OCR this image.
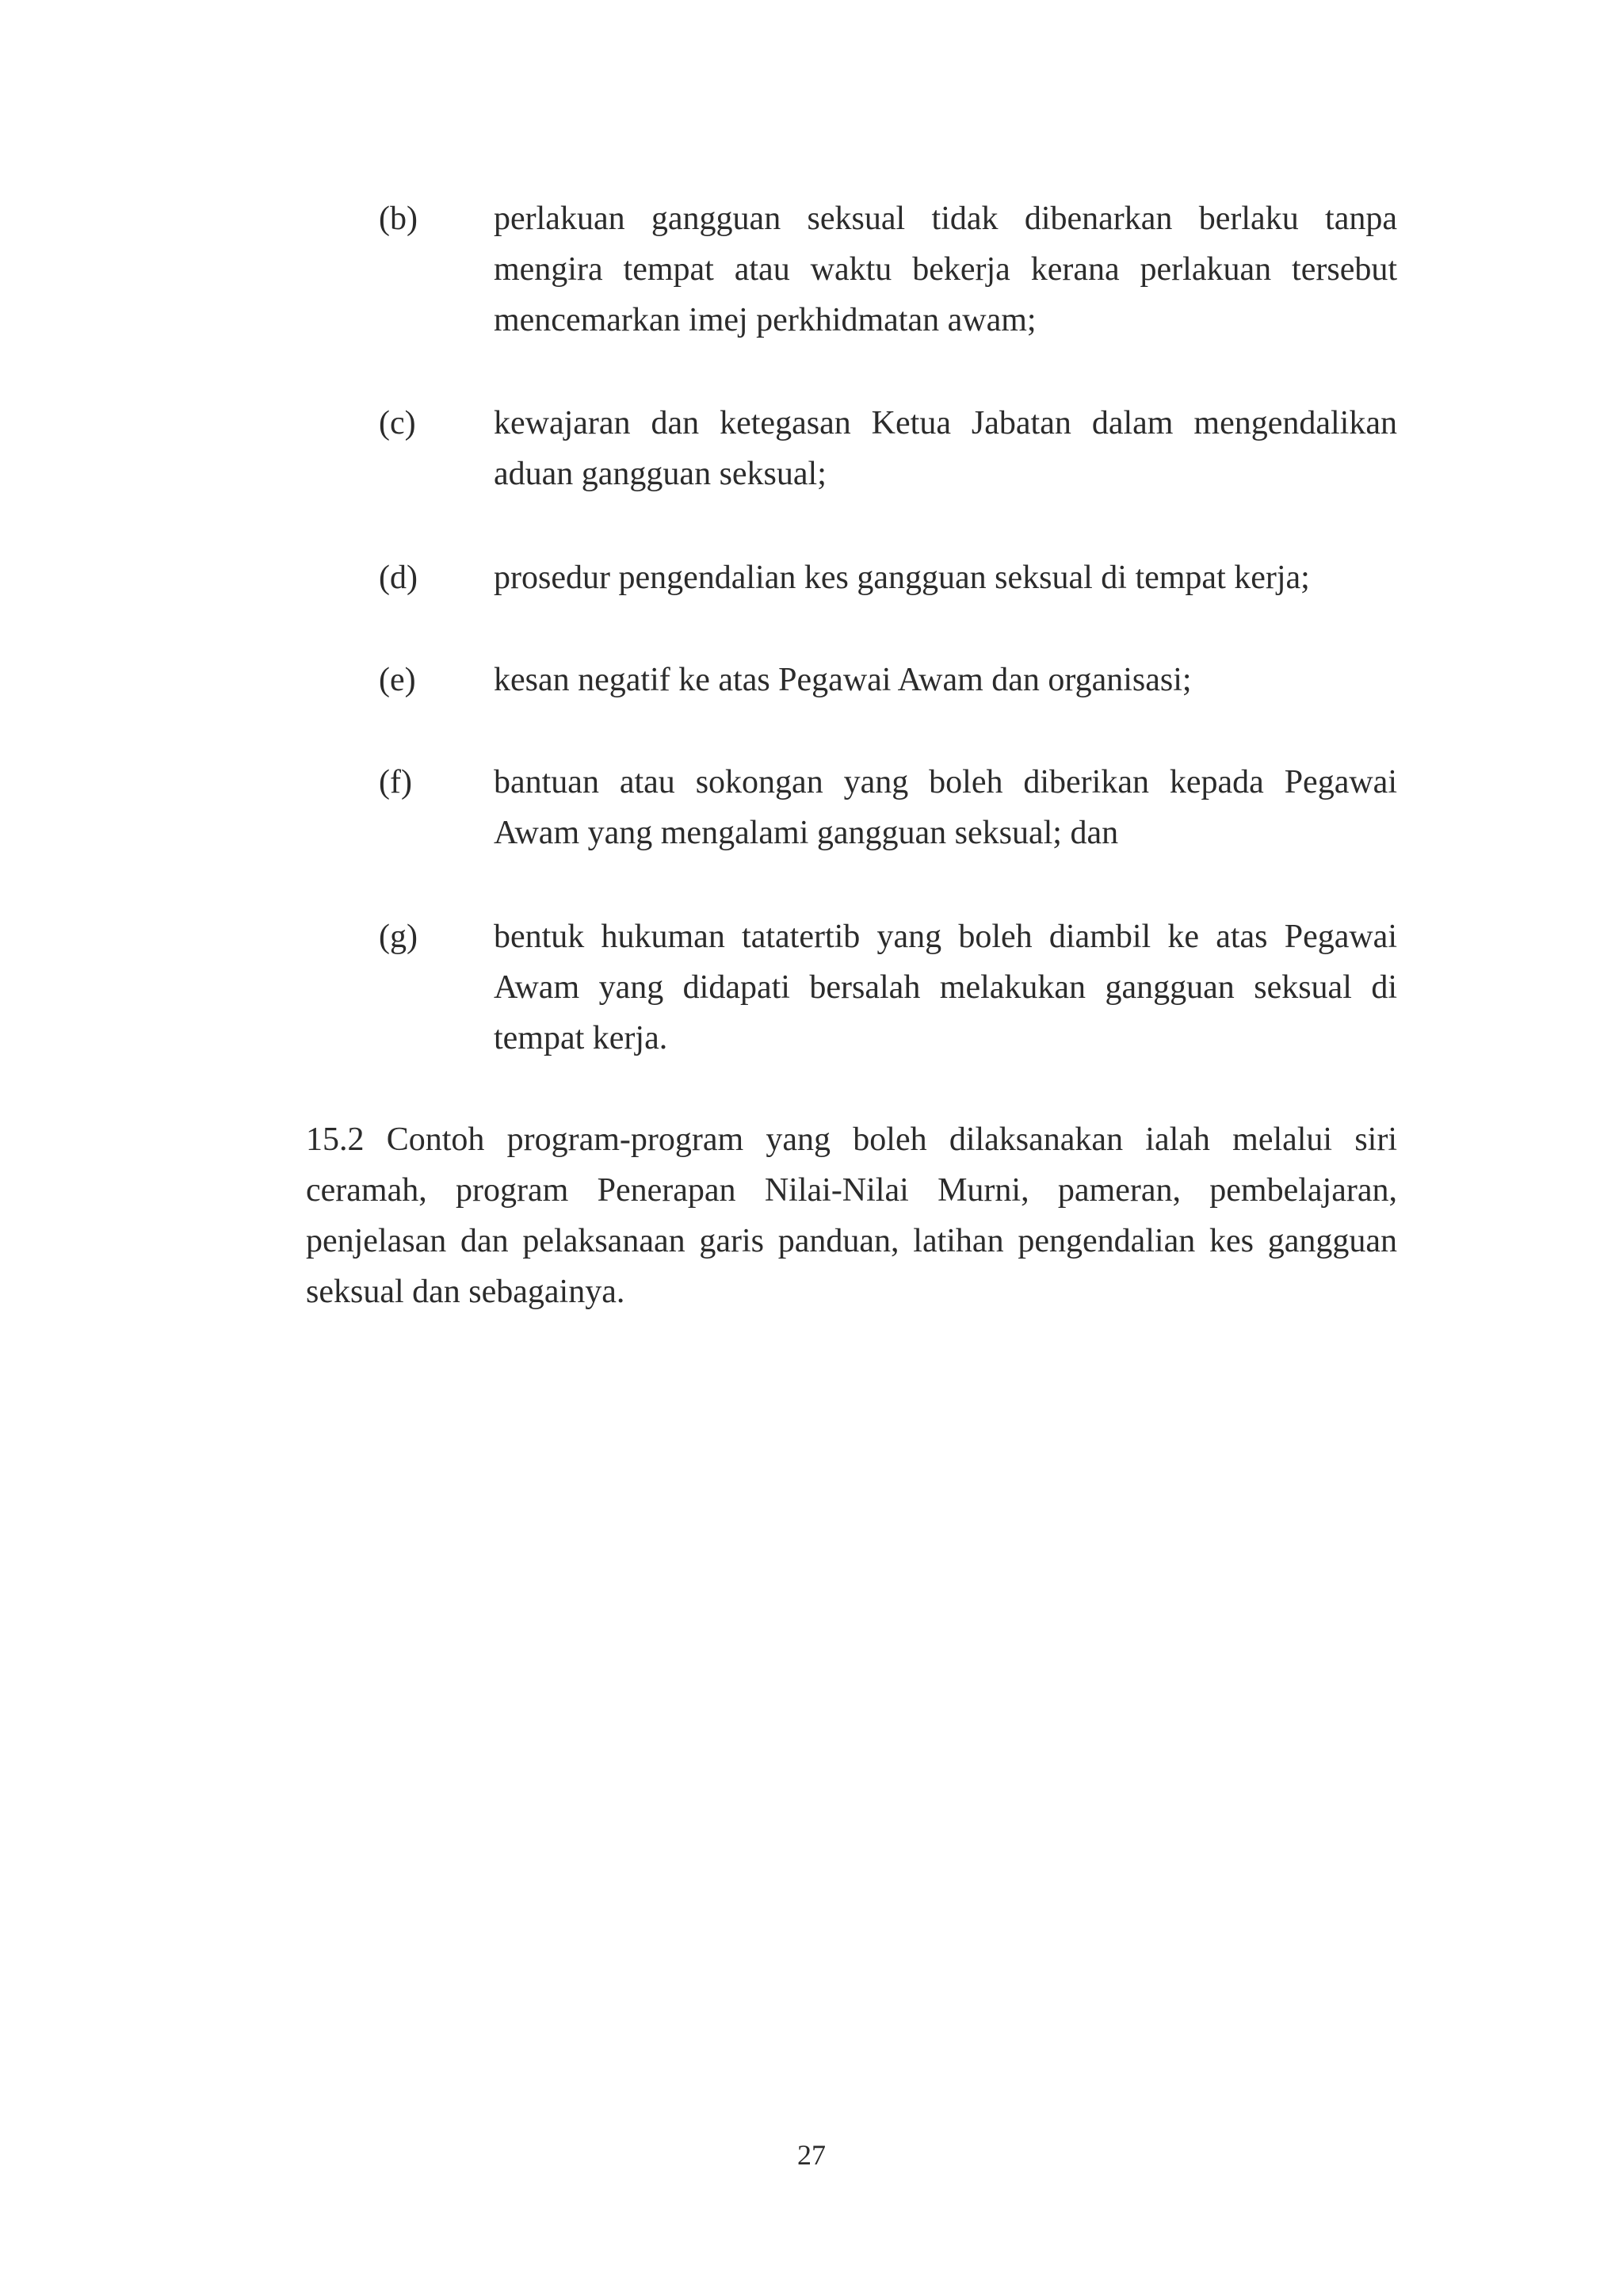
(b) perlakuan gangguan seksual tidak dibenarkan berlaku tanpa
mengira tempat atau waktu bekerja kerana perlakuan tersebut
mencemarkan imej perkhidmatan awam;
(c) kewajaran dan ketegasan Ketua Jabatan dalam mengendalikan
aduan gangguan seksual;
(d) prosedur pengendalian kes gangguan seksual di tempat kerja;
(e) kesan negatif ke atas Pegawai Awam dan organisasi;
(f) bantuan atau sokongan yang boleh diberikan kepada Pegawai
Awam yang mengalami gangguan seksual; dan
(g) bentuk hukuman tatatertib yang boleh diambil ke atas Pegawai
Awam yang didapati bersalah melakukan gangguan seksual di
tempat kerja.
15.2 Contoh program-program yang boleh dilaksanakan ialah melalui siri
ceramah, program Penerapan Nilai-Nilai Murni, pameran, pembelajaran,
penjelasan dan pelaksanaan garis panduan, latihan pengendalian kes gangguan
seksual dan sebagainya.
27
